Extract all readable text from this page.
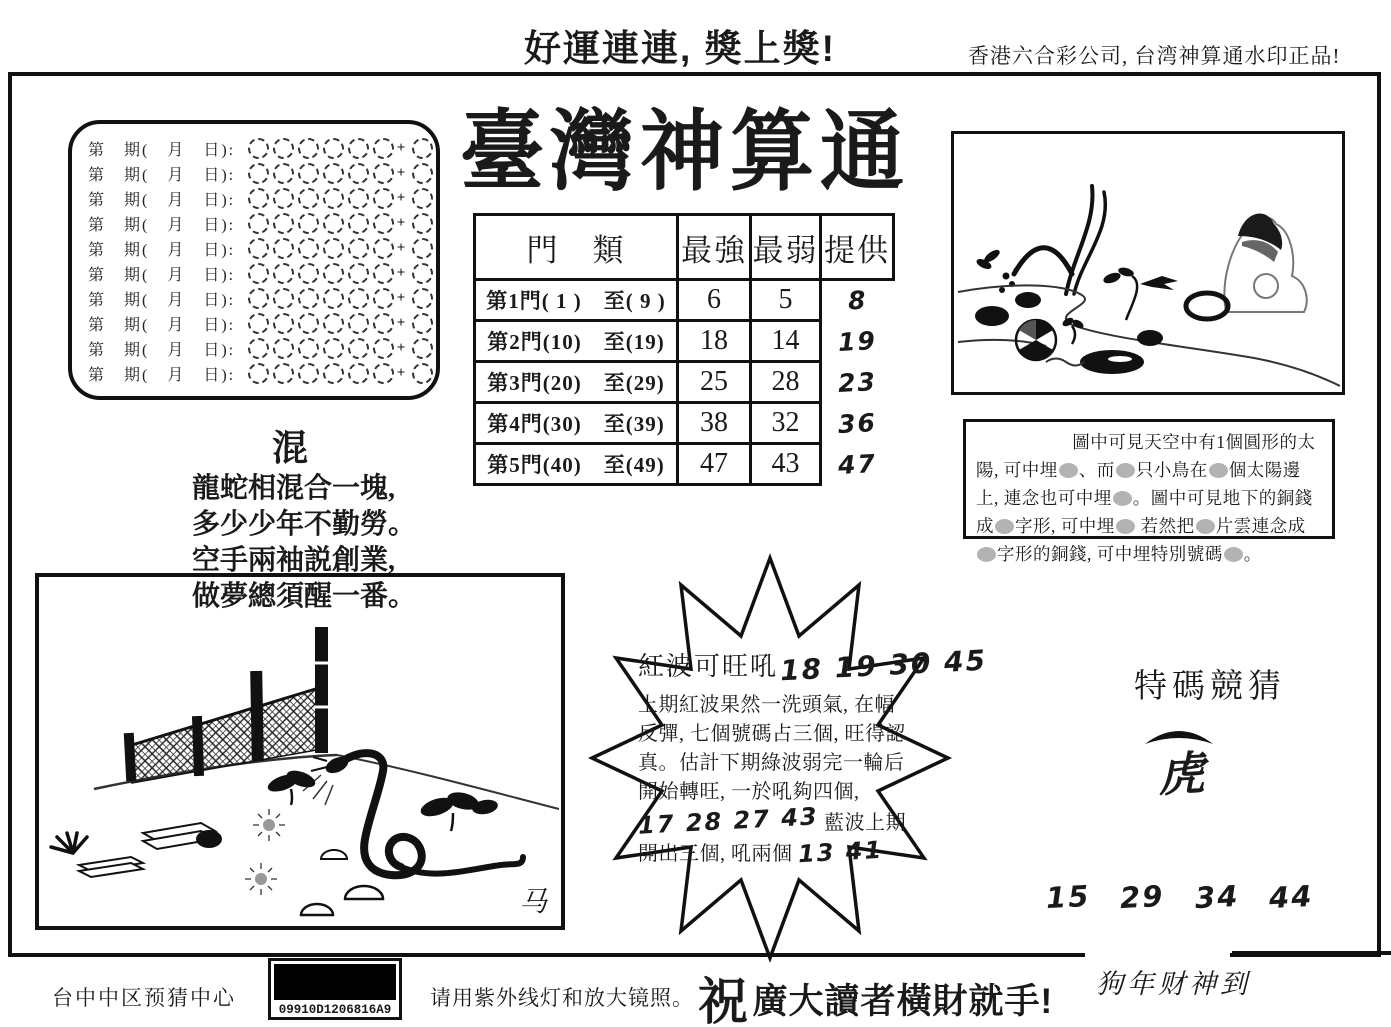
好運連連, 獎上獎!	香港六合彩公司, 台湾神算通水印正品!
第　期(　月　日):	+
第　期(　月　日):	+
第　期(　月　日):	+
第　期(　月　日):	+
第　期(　月　日):	+
第　期(　月　日):	+
第　期(　月　日):	+
第　期(　月　日):	+
第　期(　月　日):	+
第　期(　月　日):	+
臺灣神算通
門　類	最強	最弱	提供
第1門( 1 )　至( 9 )	6	5	8
第2門(10)　至(19)	18	14	19
第3門(20)　至(29)	25	28	23
第4門(30)　至(39)	38	32	36
第5門(40)　至(49)	47	43	47

圖中可見天空中有1個圓形的太陽, 可中埋 、而 只小鳥在 個太陽邊上, 連念也可中埋 。圖中可見地下的銅錢成 字形, 可中埋 若然把 片雲連念成字形的銅錢, 可中埋特別號碼 。

混
龍蛇相混合一塊,
多少少年不勤勞。
空手兩袖説創業,
做夢總須醒一番。
马
紅波可旺吼18 19 30 45
上期紅波果然一洗頭氣, 在幅反彈, 七個號碼占三個, 旺得認真。估計下期綠波弱完一輪后開始轉旺, 一於吼夠四個, 17 28 27 43 藍波上期開出三個, 吼兩個 13 41
特碼競猜
虎
15 29 34 44
台中中区预猜中心	09910D1206816A9	请用紫外线灯和放大镜照。 祝 廣大讀者橫財就手! 狗年财神到
